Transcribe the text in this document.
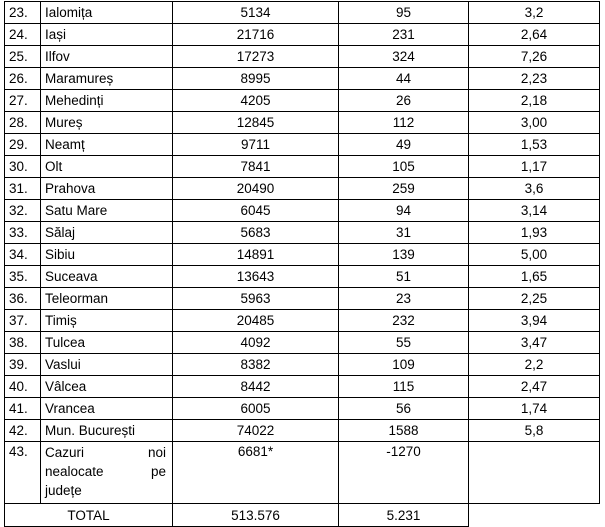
23.	Ialomița	5134	95	3,2
24.	Iași	21716	231	2,64
25.	Ilfov	17273	324	7,26
26.	Maramureș	8995	44	2,23
27.	Mehedinți	4205	26	2,18
28.	Mureș	12845	112	3,00
29.	Neamț	9711	49	1,53
30.	Olt	7841	105	1,17
31.	Prahova	20490	259	3,6
32.	Satu Mare	6045	94	3,14
33.	Sălaj	5683	31	1,93
34.	Sibiu	14891	139	5,00
35.	Suceava	13643	51	1,65
36.	Teleorman	5963	23	2,25
37.	Timiș	20485	232	3,94
38.	Tulcea	4092	55	3,47
39.	Vaslui	8382	109	2,2
40.	Vâlcea	8442	115	2,47
41.	Vrancea	6005	56	1,74
42.	Mun. București	74022	1588	5,8
43.	Cazuri noi
nealocate pe
județe	6681*	-1270	
TOTAL		513.576	5.231	
